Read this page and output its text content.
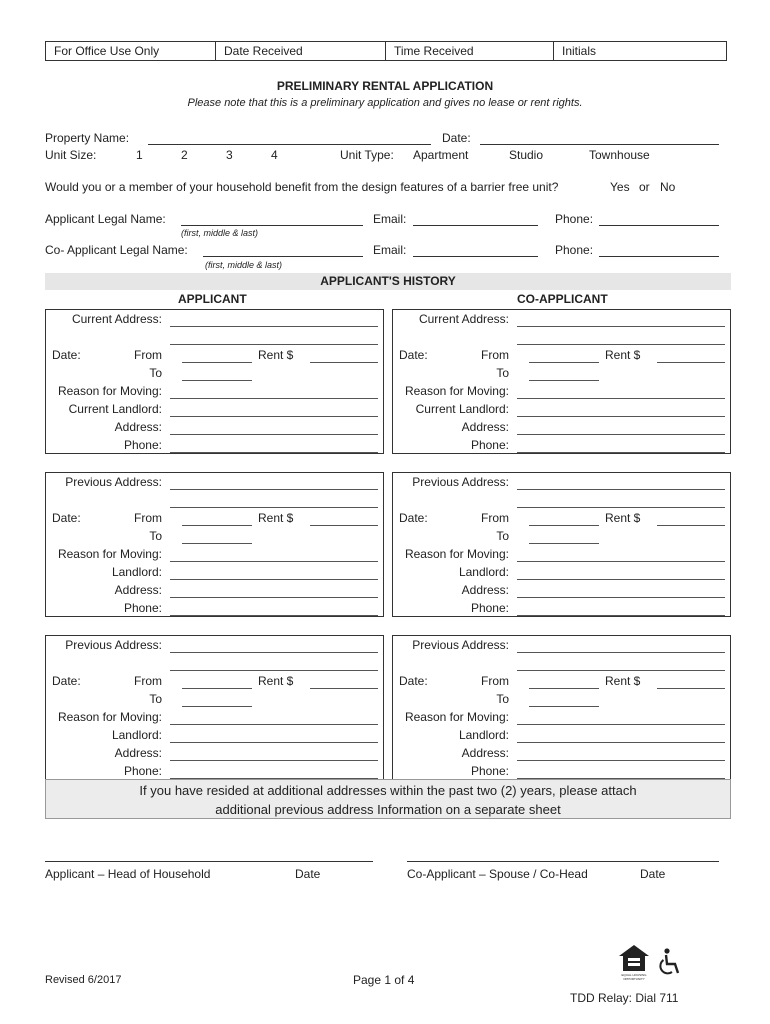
For Office Use Only	Date Received	Time Received	Initials
PRELIMINARY RENTAL APPLICATION
Please note that this is a preliminary application and gives no lease or rent rights.
Property Name:	Date:
Unit Size:	1	2	3	4	Unit Type: Apartment	Studio	Townhouse
Would you or a member of your household benefit from the design features of a barrier free unit?	Yes or No
Applicant Legal Name:
(first, middle & last)
Email:	Phone:
Co- Applicant Legal Name:
(first, middle & last)
Email:	Phone:
APPLICANT'S HISTORY
APPLICANT	CO-APPLICANT
Current Address:
Date:	From	Rent $
To
Reason for Moving:
Current Landlord:
Address:
Phone:
Current Address:
Date:	From	Rent $
To
Reason for Moving:
Current Landlord:
Address:
Phone:
Previous Address:
Date:	From	Rent $
To
Reason for Moving:
Landlord:
Address:
Phone:
Previous Address:
Date:	From	Rent $
To
Reason for Moving:
Landlord:
Address:
Phone:
Previous Address:
Date:	From	Rent $
To
Reason for Moving:
Landlord:
Address:
Phone:
Previous Address:
Date:	From	Rent $
To
Reason for Moving:
Landlord:
Address:
Phone:
If you have resided at additional addresses within the past two (2) years, please attach
additional previous address Information on a separate sheet
Applicant – Head of Household	Date	Co-Applicant – Spouse / Co-Head	Date
Revised 6/2017	Page 1 of 4
TDD Relay: Dial 711
EQUAL HOUSING OPPORTUNITY
